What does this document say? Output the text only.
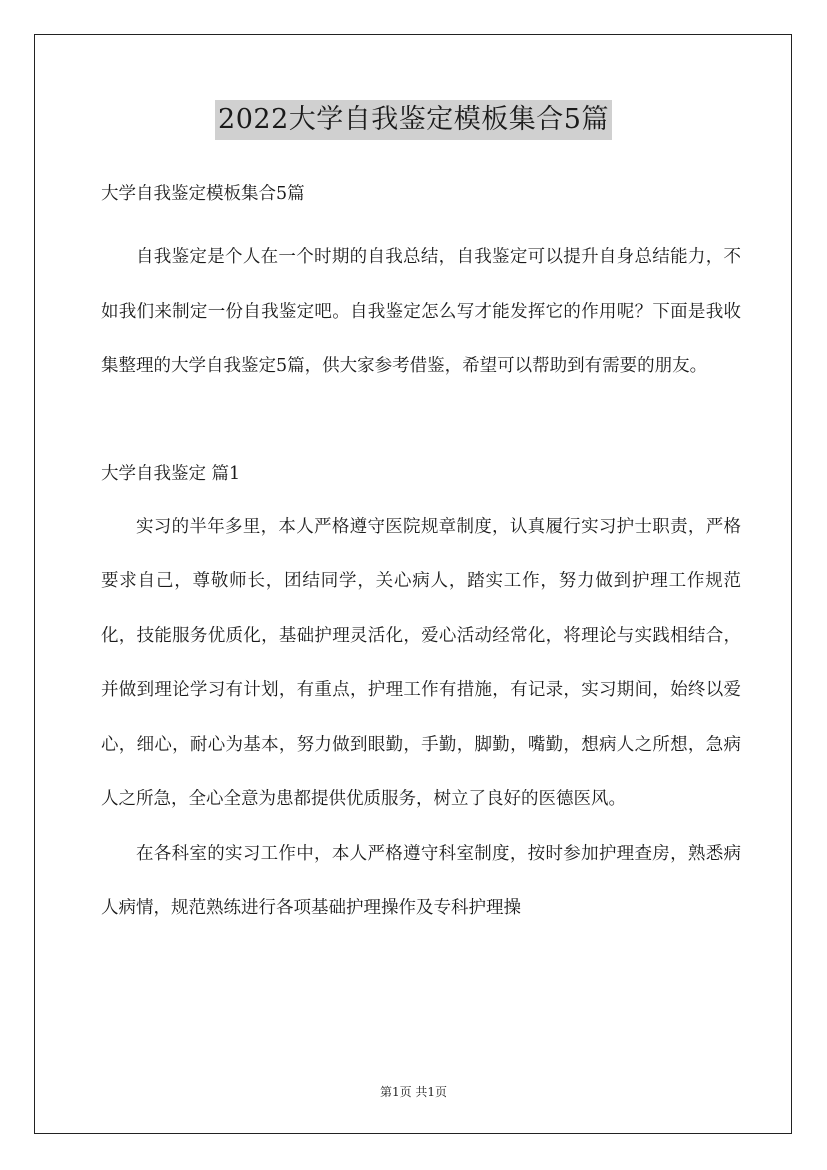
2022大学自我鉴定模板集合5篇

大学自我鉴定模板集合5篇

自我鉴定是个人在一个时期的自我总结，自我鉴定可以提升自身总结能力，不如我们来制定一份自我鉴定吧。自我鉴定怎么写才能发挥它的作用呢？下面是我收集整理的大学自我鉴定5篇，供大家参考借鉴，希望可以帮助到有需要的朋友。

大学自我鉴定 篇1

实习的半年多里，本人严格遵守医院规章制度，认真履行实习护士职责，严格要求自己，尊敬师长，团结同学，关心病人，踏实工作，努力做到护理工作规范化，技能服务优质化，基础护理灵活化，爱心活动经常化，将理论与实践相结合，并做到理论学习有计划，有重点，护理工作有措施，有记录，实习期间，始终以爱心，细心，耐心为基本，努力做到眼勤，手勤，脚勤，嘴勤，想病人之所想，急病人之所急，全心全意为患都提供优质服务，树立了良好的医德医风。

在各科室的实习工作中，本人严格遵守科室制度，按时参加护理查房，熟悉病人病情，规范熟练进行各项基础护理操作及专科护理操

第1页 共1页
